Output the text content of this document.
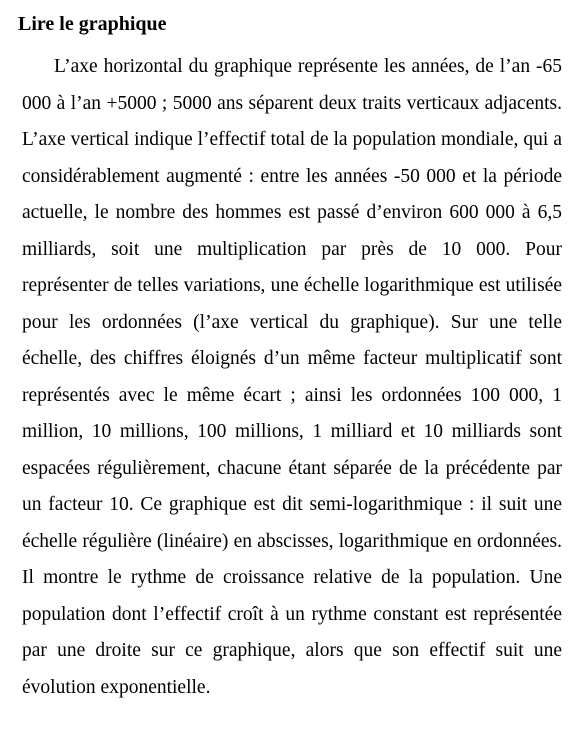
Lire le graphique

L’axe horizontal du graphique représente les années, de l’an -65 000 à l’an +5000 ; 5000 ans séparent deux traits verticaux adjacents. L’axe vertical indique l’effectif total de la population mondiale, qui a considérablement augmenté : entre les années -50 000 et la période actuelle, le nombre des hommes est passé d’environ 600 000 à 6,5 milliards, soit une multiplication par près de 10 000. Pour représenter de telles variations, une échelle logarithmique est utilisée pour les ordonnées (l’axe vertical du graphique). Sur une telle échelle, des chiffres éloignés d’un même facteur multiplicatif sont représentés avec le même écart ; ainsi les ordonnées 100 000, 1 million, 10 millions, 100 millions, 1 milliard et 10 milliards sont espacées régulièrement, chacune étant séparée de la précédente par un facteur 10. Ce graphique est dit semi-logarithmique : il suit une échelle régulière (linéaire) en abscisses, logarithmique en ordonnées. Il montre le rythme de croissance relative de la population. Une population dont l’effectif croît à un rythme constant est représentée par une droite sur ce graphique, alors que son effectif suit une évolution exponentielle.
